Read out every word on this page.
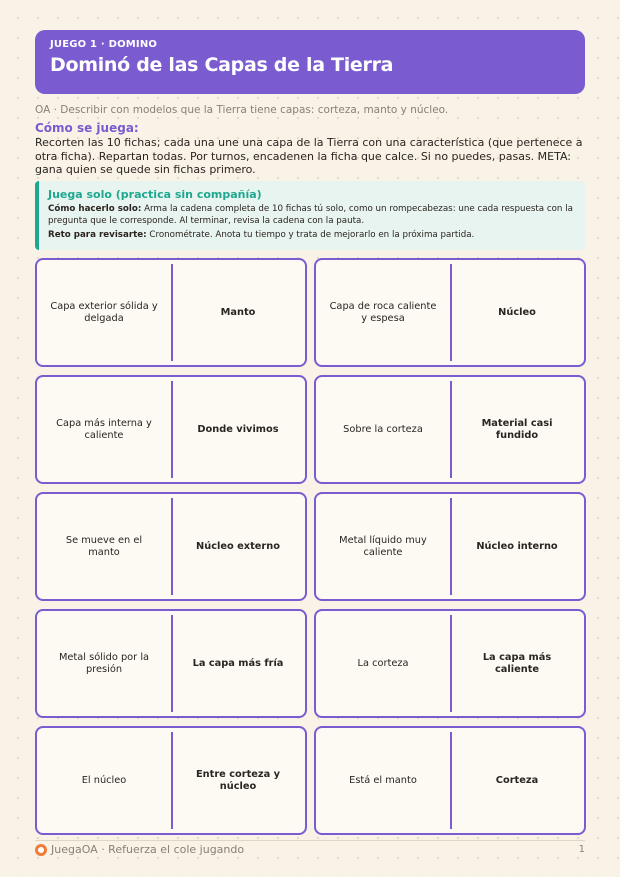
JUEGO 1 · DOMINO
Dominó de las Capas de la Tierra
OA · Describir con modelos que la Tierra tiene capas: corteza, manto y núcleo.
Cómo se juega:
Recorten las 10 fichas; cada una une una capa de la Tierra con una característica (que pertenece a otra ficha). Repartan todas. Por turnos, encadenen la ficha que calce. Si no puedes, pasas. META: gana quien se quede sin fichas primero.
Juega solo (practica sin compañía)

Cómo hacerlo solo: Arma la cadena completa de 10 fichas tú solo, como un rompecabezas: une cada respuesta con la pregunta que le corresponde. Al terminar, revisa la cadena con la pauta.

Reto para revisarte: Cronométrate. Anota tu tiempo y trata de mejorarlo en la próxima partida.

Capa exterior sólida y delgada
Manto
Capa de roca caliente y espesa
Núcleo
Capa más interna y caliente
Donde vivimos	Sobre la corteza
Material casi fundido
Se mueve en el manto
Núcleo externo
Metal líquido muy caliente
Núcleo interno
Metal sólido por la presión
La capa más fría	La corteza
La capa más caliente
El núcleo
Entre corteza y núcleo
Está el manto	Corteza
JuegaOA · Refuerza el cole jugando	1
